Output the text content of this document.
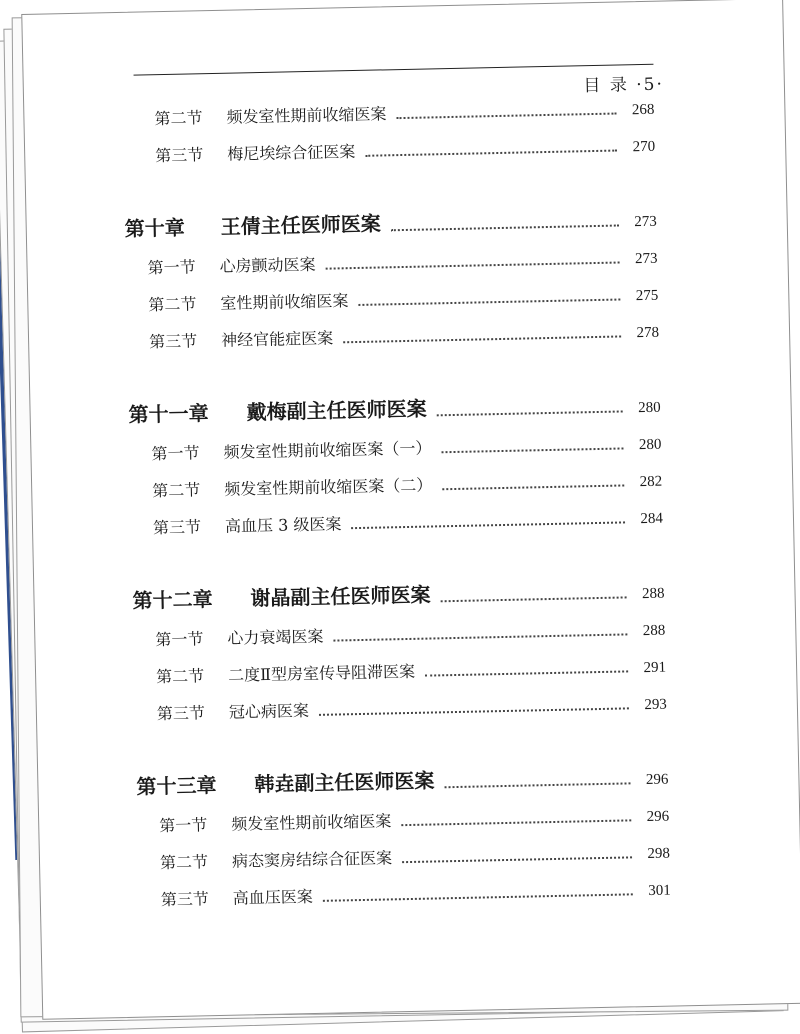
目 录 ·5·
第二节	频发室性期前收缩医案	268
第三节	梅尼埃综合征医案	270
第十章	王倩主任医师医案	273
第一节	心房颤动医案	273
第二节	室性期前收缩医案	275
第三节	神经官能症医案	278
第十一章	戴梅副主任医师医案	280
第一节	频发室性期前收缩医案（一）	280
第二节	频发室性期前收缩医案（二）	282
第三节	高血压 3 级医案	284
第十二章	谢晶副主任医师医案	288
第一节	心力衰竭医案	288
第二节	二度Ⅱ型房室传导阻滞医案	291
第三节	冠心病医案	293
第十三章	韩垚副主任医师医案	296
第一节	频发室性期前收缩医案	296
第二节	病态窦房结综合征医案	298
第三节	高血压医案	301
